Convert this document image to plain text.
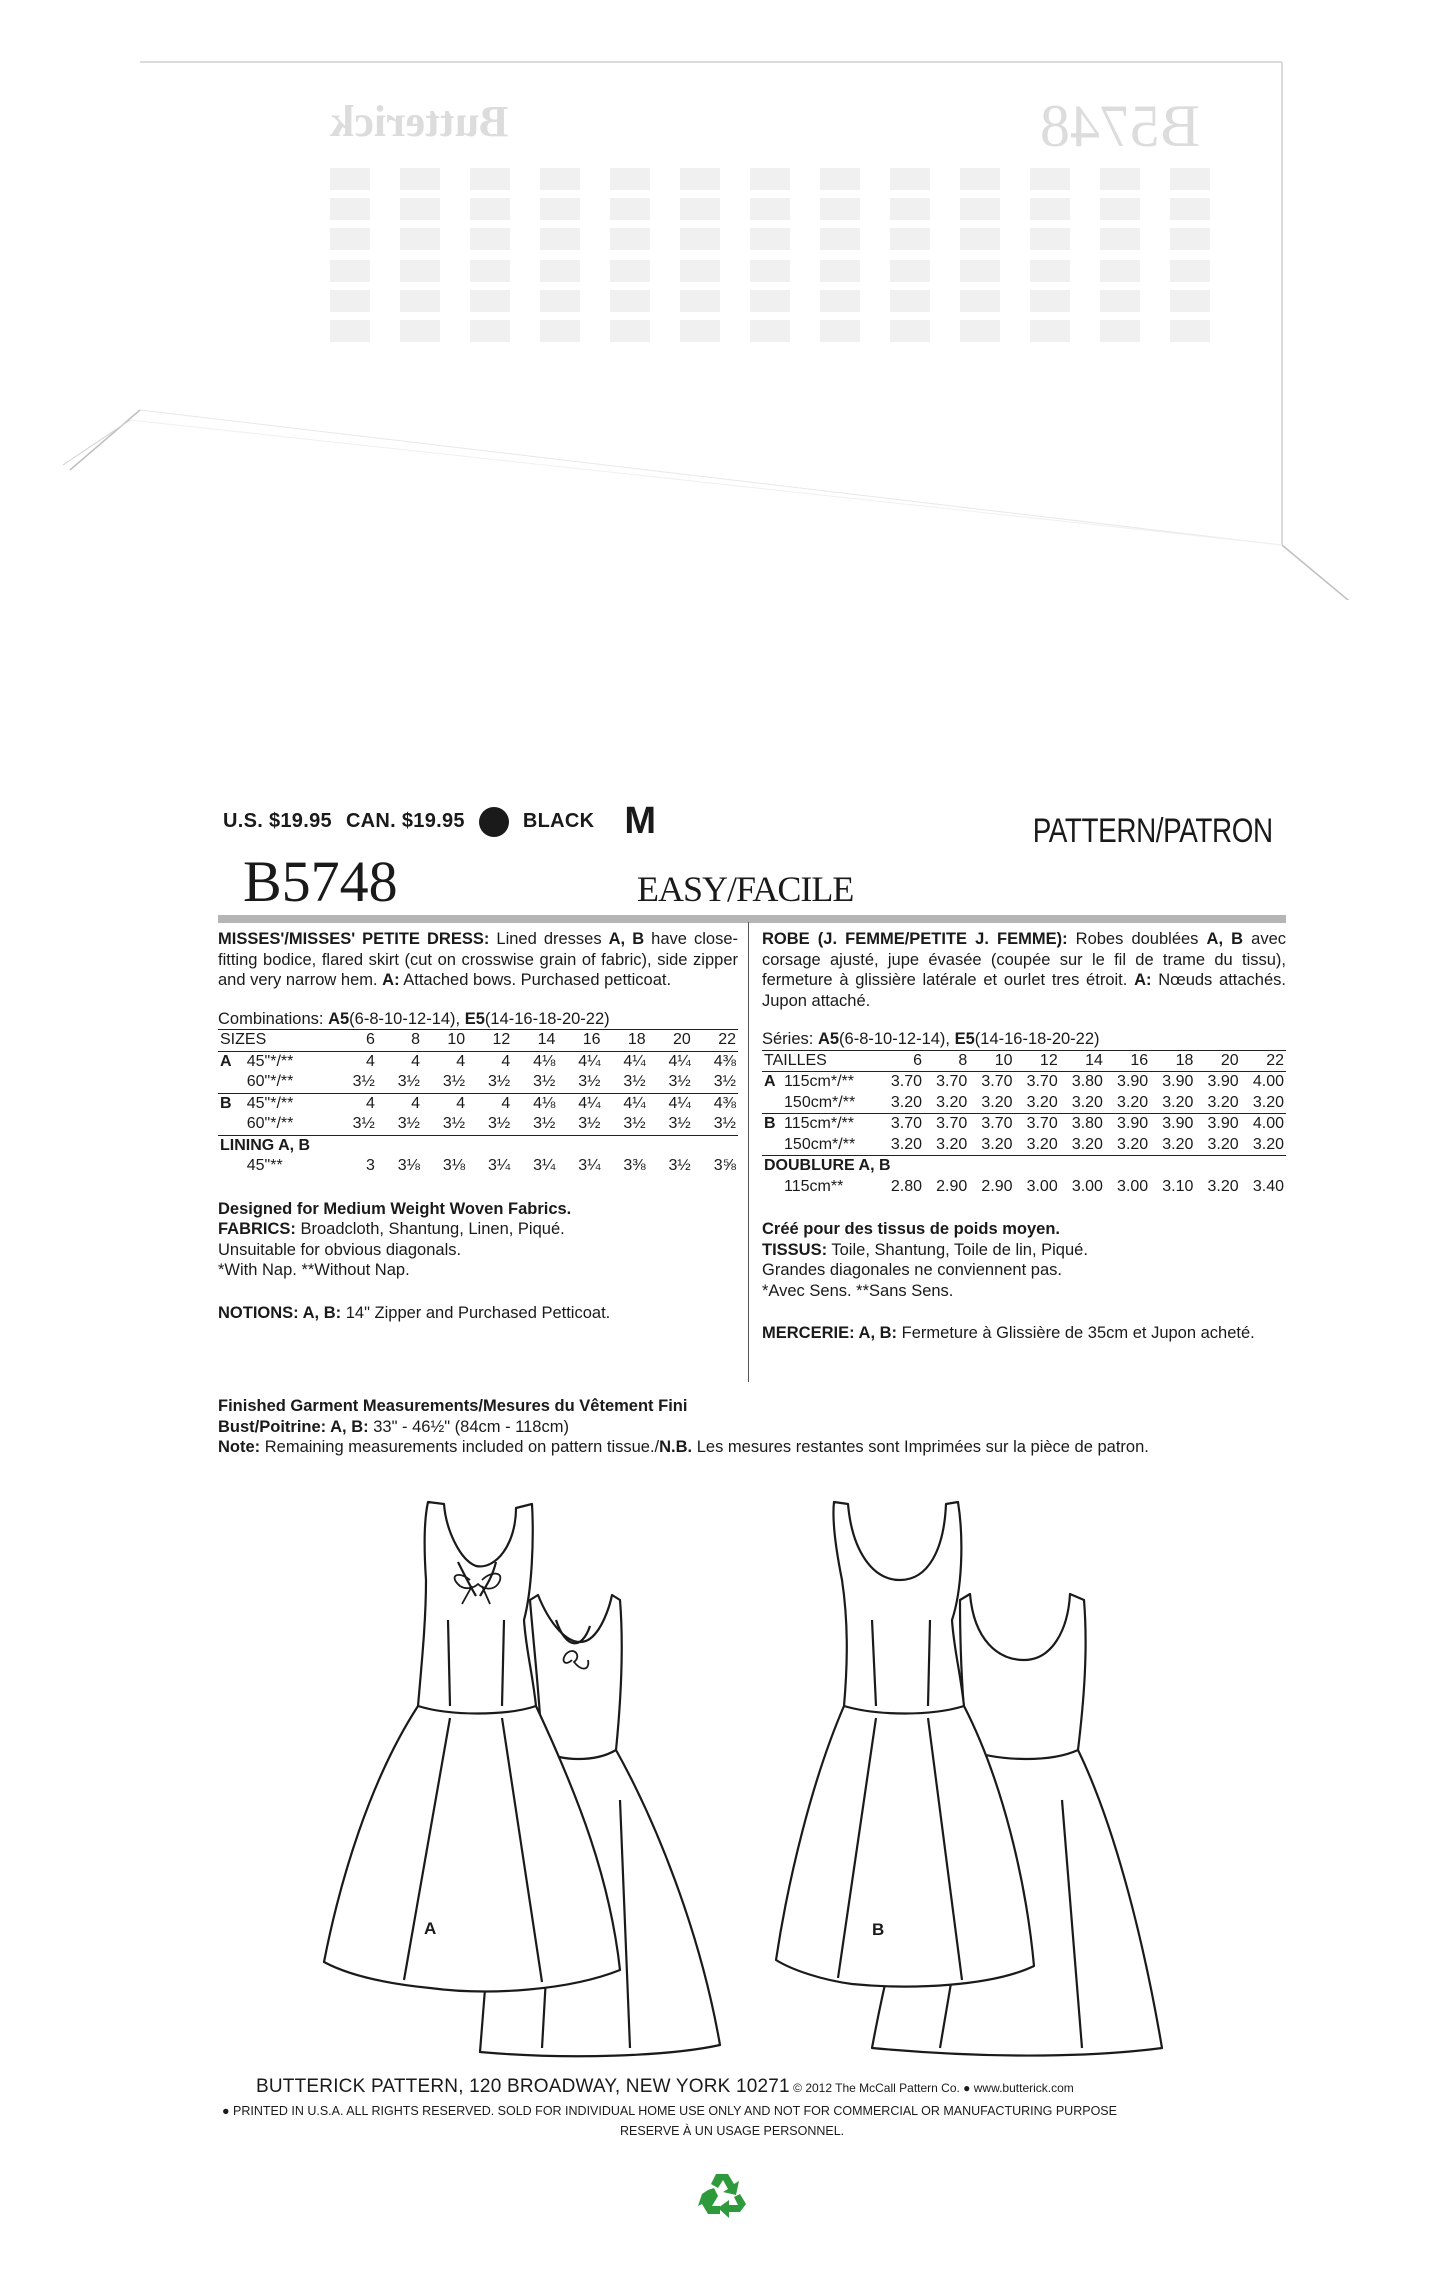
Butterick	B5748
U.S. $19.95 CAN. $19.95	BLACK M	PATTERN/PATRON
B5748	EASY/FACILE
MISSES'/MISSES' PETITE DRESS: Lined dresses A, B have close-fitting bodice, flared skirt (cut on crosswise grain of fabric), side zipper and very narrow hem. A: Attached bows. Purchased petticoat.
Combinations: A5(6-8-10-12-14), E5(14-16-18-20-22)
SIZES		6	8	10	12	14	16	18	20	22
A	45"*/**	4	4	4	4	4⅛	4¼	4¼	4¼	4⅜
	60"*/**	3½	3½	3½	3½	3½	3½	3½	3½	3½
B	45"*/**	4	4	4	4	4⅛	4¼	4¼	4¼	4⅜
	60"*/**	3½	3½	3½	3½	3½	3½	3½	3½	3½
LINING A, B										
	45"**	3	3⅛	3⅛	3¼	3¼	3¼	3⅜	3½	3⅝
Designed for Medium Weight Woven Fabrics.
FABRICS: Broadcloth, Shantung, Linen, Piqué.
Unsuitable for obvious diagonals.
*With Nap. **Without Nap.
NOTIONS: A, B: 14" Zipper and Purchased Petticoat.
ROBE (J. FEMME/PETITE J. FEMME): Robes doublées A, B avec corsage ajusté, jupe évasée (coupée sur le fil de trame du tissu), fermeture à glissière latérale et ourlet tres étroit. A: Nœuds attachés. Jupon attaché.
Séries: A5(6-8-10-12-14), E5(14-16-18-20-22)
TAILLES		6	8	10	12	14	16	18	20	22
A	115cm*/**	3.70	3.70	3.70	3.70	3.80	3.90	3.90	3.90	4.00
	150cm*/**	3.20	3.20	3.20	3.20	3.20	3.20	3.20	3.20	3.20
B	115cm*/**	3.70	3.70	3.70	3.70	3.80	3.90	3.90	3.90	4.00
	150cm*/**	3.20	3.20	3.20	3.20	3.20	3.20	3.20	3.20	3.20
DOUBLURE A, B										
	115cm**	2.80	2.90	2.90	3.00	3.00	3.00	3.10	3.20	3.40
Créé pour des tissus de poids moyen.
TISSUS: Toile, Shantung, Toile de lin, Piqué.
Grandes diagonales ne conviennent pas.
*Avec Sens. **Sans Sens.
MERCERIE: A, B: Fermeture à Glissière de 35cm et Jupon acheté.
Finished Garment Measurements/Mesures du Vêtement Fini
Bust/Poitrine: A, B: 33" - 46½" (84cm - 118cm)
Note: Remaining measurements included on pattern tissue./N.B. Les mesures restantes sont Imprimées sur la pièce de patron.
A	B
BUTTERICK PATTERN, 120 BROADWAY, NEW YORK 10271 © 2012 The McCall Pattern Co. ● www.butterick.com
● PRINTED IN U.S.A. ALL RIGHTS RESERVED. SOLD FOR INDIVIDUAL HOME USE ONLY AND NOT FOR COMMERCIAL OR MANUFACTURING PURPOSE
RESERVE À UN USAGE PERSONNEL.
